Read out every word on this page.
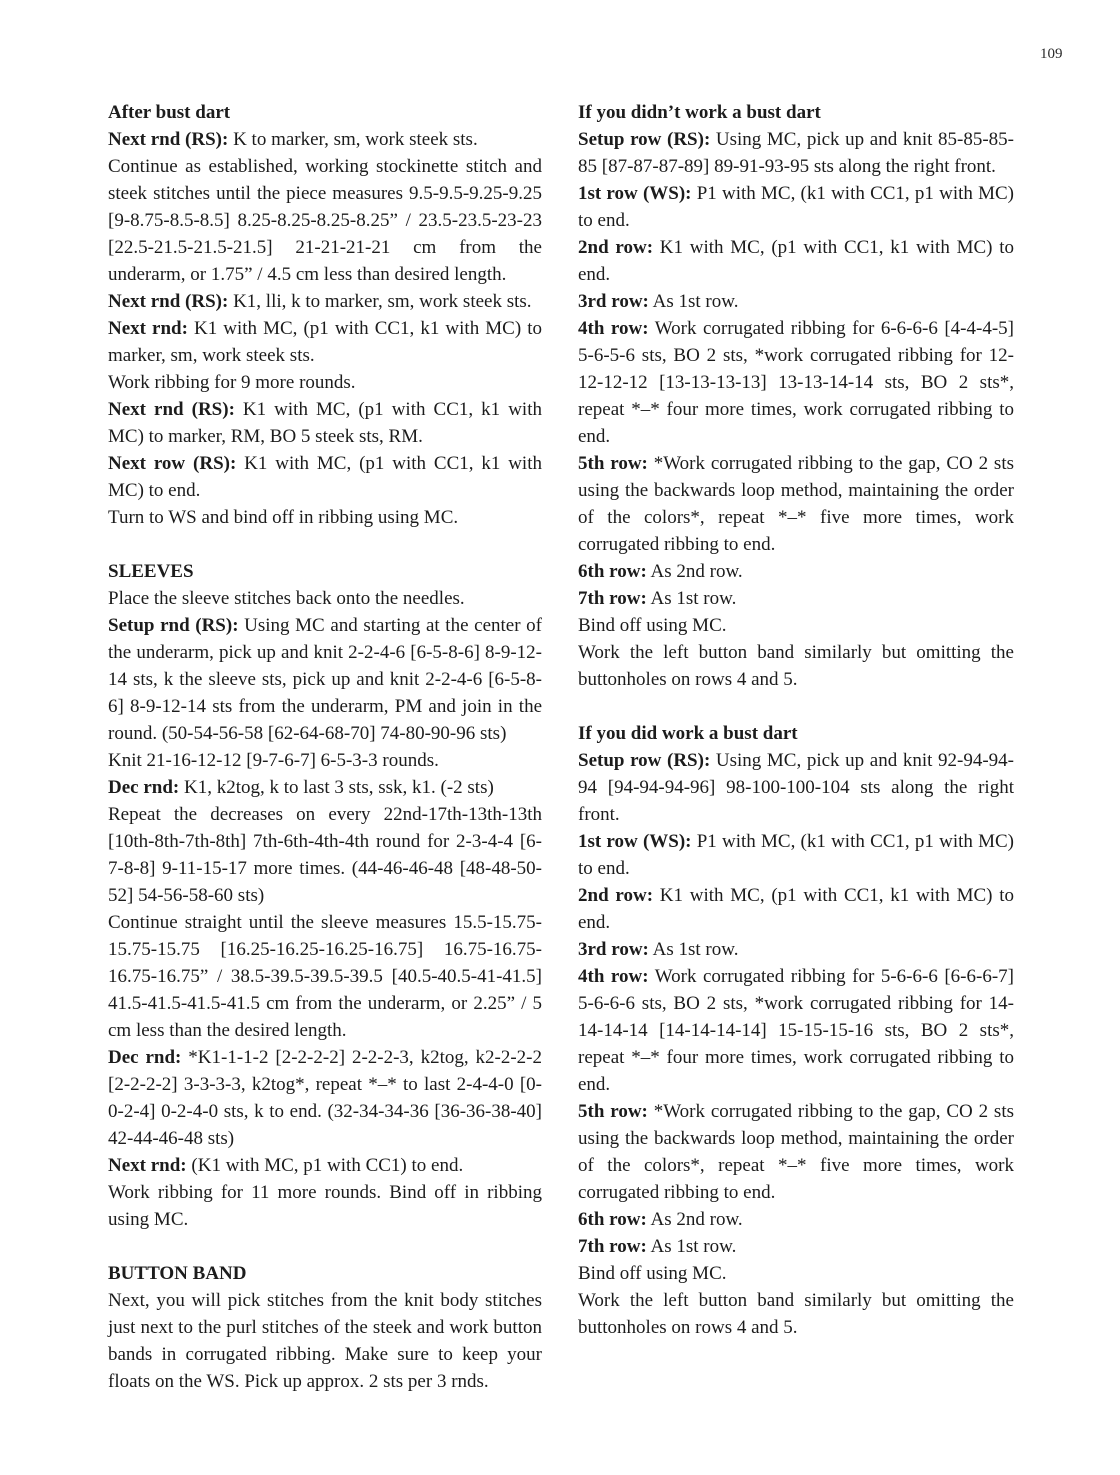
109
After bust dart

Next rnd (RS): K to marker, sm, work steek sts.

Continue as established, working stockinette stitch and steek stitches until the piece measures 9.5-9.5-9.25-9.25 [9-8.75-8.5-8.5] 8.25-8.25-8.25-8.25” / 23.5-23.5-23-23 [22.5-21.5-21.5-21.5] 21-21-21-21 cm from the underarm, or 1.75” / 4.5 cm less than desired length.

Next rnd (RS): K1, lli, k to marker, sm, work steek sts.

Next rnd: K1 with MC, (p1 with CC1, k1 with MC) to marker, sm, work steek sts.

Work ribbing for 9 more rounds.

Next rnd (RS): K1 with MC, (p1 with CC1, k1 with MC) to marker, RM, BO 5 steek sts, RM.

Next row (RS): K1 with MC, (p1 with CC1, k1 with MC) to end.

Turn to WS and bind off in ribbing using MC.

SLEEVES

Place the sleeve stitches back onto the needles.

Setup rnd (RS): Using MC and starting at the center of the underarm, pick up and knit 2-2-4-6 [6-5-8-6] 8-9-12-14 sts, k the sleeve sts, pick up and knit 2-2-4-6 [6-5-8-6] 8-9-12-14 sts from the underarm, PM and join in the round. (50-54-56-58 [62-64-68-70] 74-80-90-96 sts)

Knit 21-16-12-12 [9-7-6-7] 6-5-3-3 rounds.

Dec rnd: K1, k2tog, k to last 3 sts, ssk, k1. (-2 sts)

Repeat the decreases on every 22nd-17th-13th-13th [10th-8th-7th-8th] 7th-6th-4th-4th round for 2-3-4-4 [6-7-8-8] 9-11-15-17 more times. (44-46-46-48 [48-48-50-52] 54-56-58-60 sts)

Continue straight until the sleeve measures 15.5-15.75-15.75-15.75 [16.25-16.25-16.25-16.75] 16.75-16.75-16.75-16.75” / 38.5-39.5-39.5-39.5 [40.5-40.5-41-41.5] 41.5-41.5-41.5-41.5 cm from the underarm, or 2.25” / 5 cm less than the desired length.

Dec rnd: *K1-1-1-2 [2-2-2-2] 2-2-2-3, k2tog, k2-2-2-2 [2-2-2-2] 3-3-3-3, k2tog*, repeat *–* to last 2-4-4-0 [0-0-2-4] 0-2-4-0 sts, k to end. (32-34-34-36 [36-36-38-40] 42-44-46-48 sts)

Next rnd: (K1 with MC, p1 with CC1) to end.

Work ribbing for 11 more rounds. Bind off in ribbing using MC.

BUTTON BAND

Next, you will pick stitches from the knit body stitches just next to the purl stitches of the steek and work button bands in corrugated ribbing. Make sure to keep your floats on the WS. Pick up approx. 2 sts per 3 rnds.

If you didn’t work a bust dart

Setup row (RS): Using MC, pick up and knit 85-85-85-85 [87-87-87-89] 89-91-93-95 sts along the right front.

1st row (WS): P1 with MC, (k1 with CC1, p1 with MC) to end.

2nd row: K1 with MC, (p1 with CC1, k1 with MC) to end.

3rd row: As 1st row.

4th row: Work corrugated ribbing for 6-6-6-6 [4-4-4-5] 5-6-5-6 sts, BO 2 sts, *work corrugated ribbing for 12-12-12-12 [13-13-13-13] 13-13-14-14 sts, BO 2 sts*, repeat *–* four more times, work corrugated ribbing to end.

5th row: *Work corrugated ribbing to the gap, CO 2 sts using the backwards loop method, maintaining the order of the colors*, repeat *–* five more times, work corrugated ribbing to end.

6th row: As 2nd row.

7th row: As 1st row.

Bind off using MC.

Work the left button band similarly but omitting the buttonholes on rows 4 and 5.

If you did work a bust dart

Setup row (RS): Using MC, pick up and knit 92-94-94-94 [94-94-94-96] 98-100-100-104 sts along the right front.

1st row (WS): P1 with MC, (k1 with CC1, p1 with MC) to end.

2nd row: K1 with MC, (p1 with CC1, k1 with MC) to end.

3rd row: As 1st row.

4th row: Work corrugated ribbing for 5-6-6-6 [6-6-6-7] 5-6-6-6 sts, BO 2 sts, *work corrugated ribbing for 14-14-14-14 [14-14-14-14] 15-15-15-16 sts, BO 2 sts*, repeat *–* four more times, work corrugated ribbing to end.

5th row: *Work corrugated ribbing to the gap, CO 2 sts using the backwards loop method, maintaining the order of the colors*, repeat *–* five more times, work corrugated ribbing to end.

6th row: As 2nd row.

7th row: As 1st row.

Bind off using MC.

Work the left button band similarly but omitting the buttonholes on rows 4 and 5.
